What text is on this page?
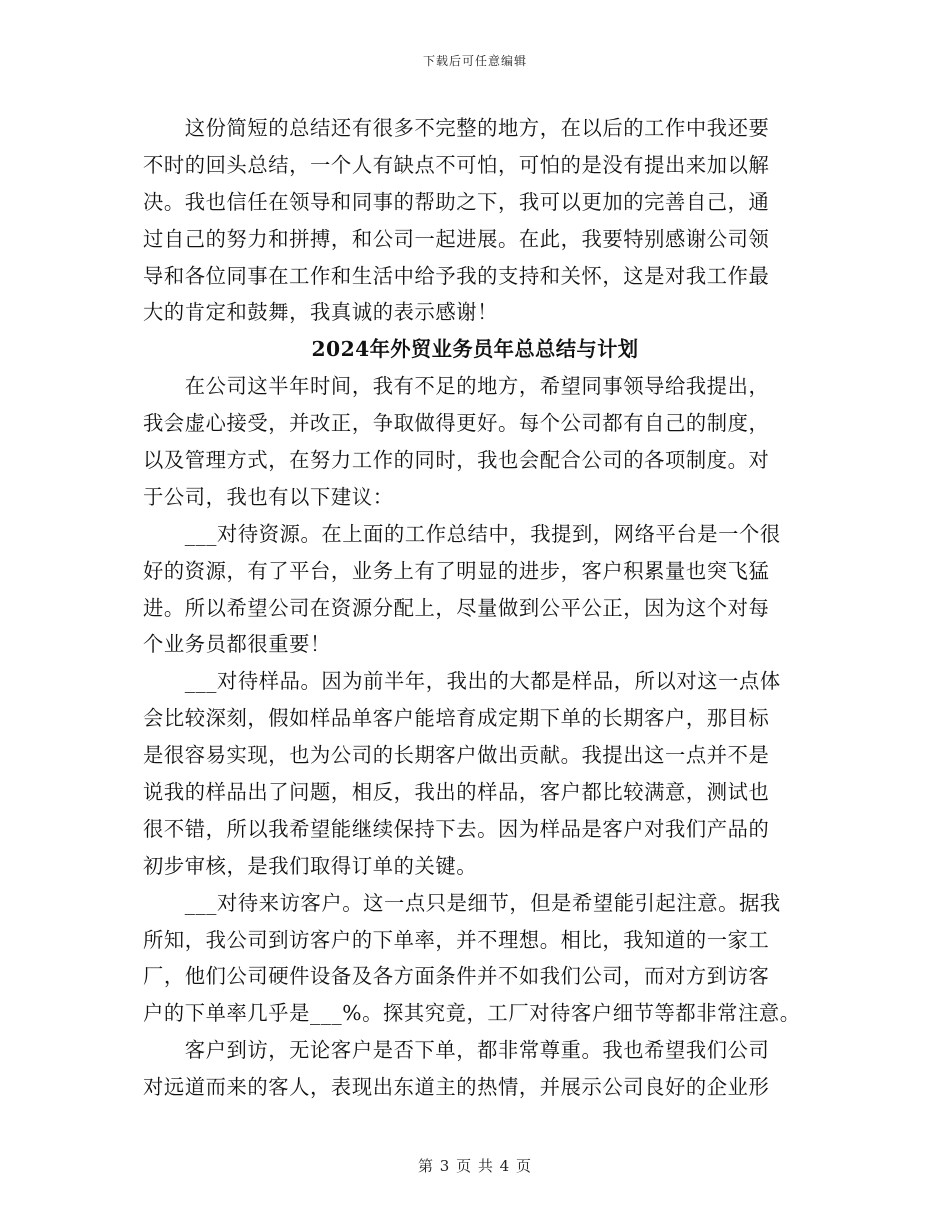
下载后可任意编辑
　　这份简短的总结还有很多不完整的地方，在以后的工作中我还要
不时的回头总结，一个人有缺点不可怕，可怕的是没有提出来加以解
决。我也信任在领导和同事的帮助之下，我可以更加的完善自己，通
过自己的努力和拼搏，和公司一起进展。在此，我要特别感谢公司领
导和各位同事在工作和生活中给予我的支持和关怀，这是对我工作最
大的肯定和鼓舞，我真诚的表示感谢！
2024年外贸业务员年总总结与计划
　　在公司这半年时间，我有不足的地方，希望同事领导给我提出，
我会虚心接受，并改正，争取做得更好。每个公司都有自己的制度，
以及管理方式，在努力工作的同时，我也会配合公司的各项制度。对
于公司，我也有以下建议：
　　___对待资源。在上面的工作总结中，我提到，网络平台是一个很
好的资源，有了平台，业务上有了明显的进步，客户积累量也突飞猛
进。所以希望公司在资源分配上，尽量做到公平公正，因为这个对每
个业务员都很重要！
　　___对待样品。因为前半年，我出的大都是样品，所以对这一点体
会比较深刻，假如样品单客户能培育成定期下单的长期客户，那目标
是很容易实现，也为公司的长期客户做出贡献。我提出这一点并不是
说我的样品出了问题，相反，我出的样品，客户都比较满意，测试也
很不错，所以我希望能继续保持下去。因为样品是客户对我们产品的
初步审核，是我们取得订单的关键。
　　___对待来访客户。这一点只是细节，但是希望能引起注意。据我
所知，我公司到访客户的下单率，并不理想。相比，我知道的一家工
厂，他们公司硬件设备及各方面条件并不如我们公司，而对方到访客
户的下单率几乎是___%。探其究竟，工厂对待客户细节等都非常注意。
　　客户到访，无论客户是否下单，都非常尊重。我也希望我们公司
对远道而来的客人，表现出东道主的热情，并展示公司良好的企业形
第 3 页 共 4 页
